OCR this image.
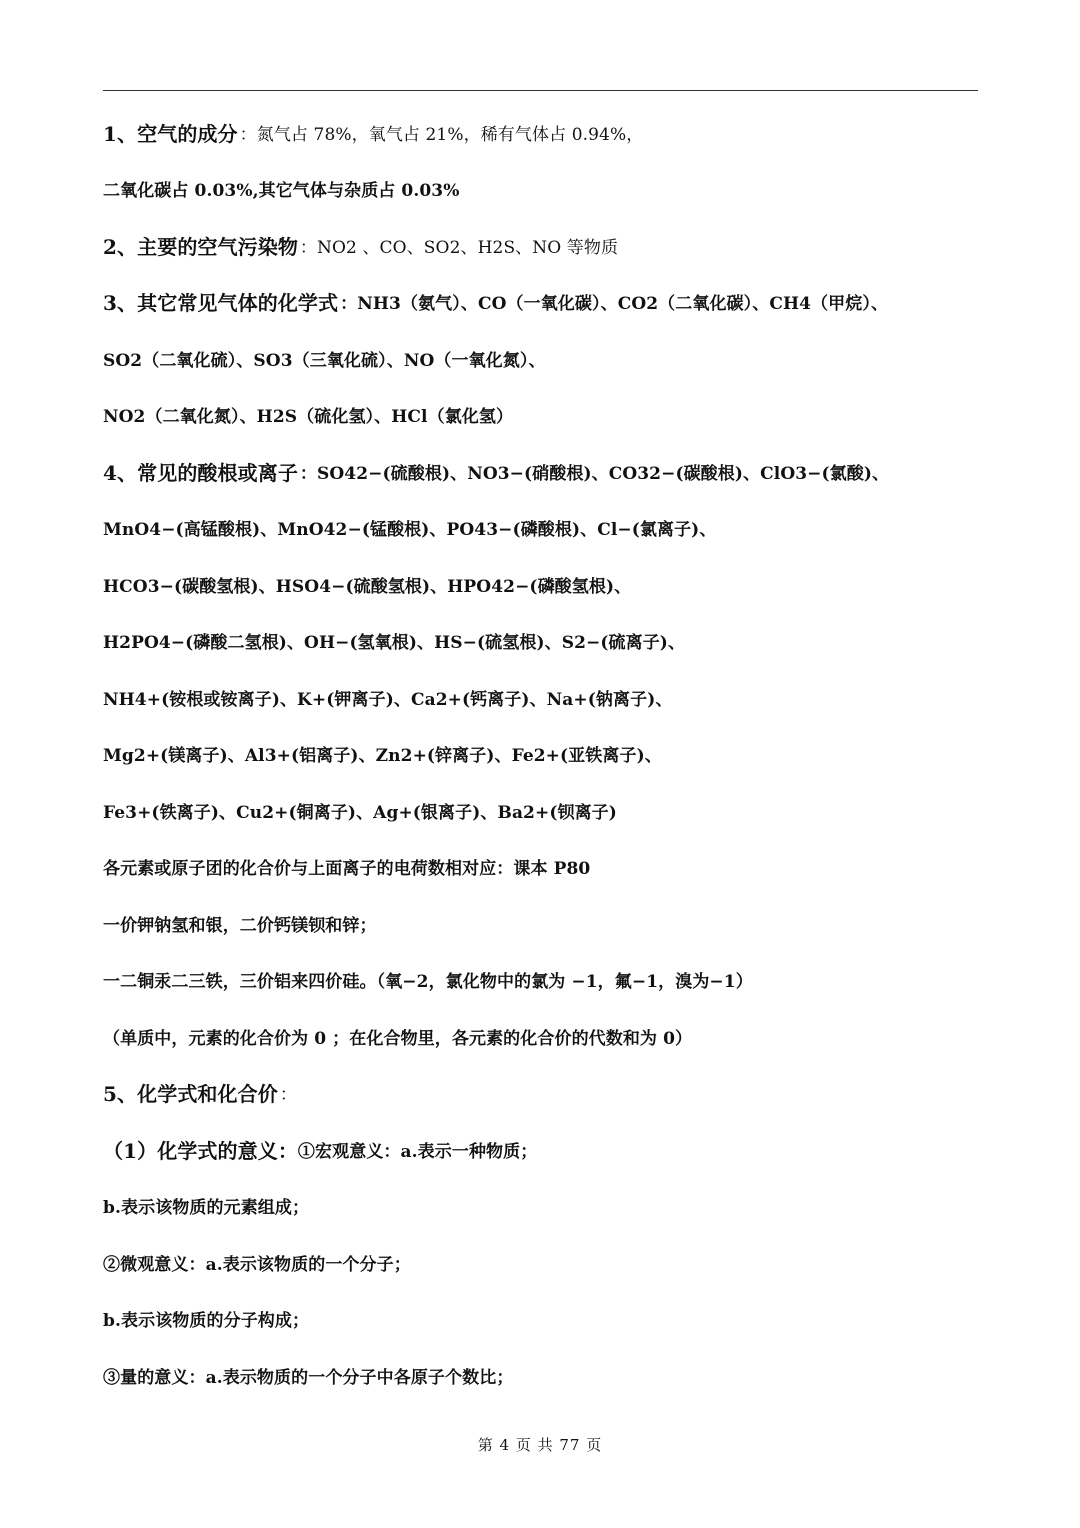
1、空气的成分 ：氮气占 78%，氧气占 21%，稀有气体占 0.94%，
二氧化碳占 0.03%,其它气体与杂质占 0.03%
2、主要的空气污染物 ：NO2 、CO、SO2、H2S、NO 等物质
3、其它常见气体的化学式 ：NH3（氨气）、CO（一氧化碳）、CO2（二氧化碳）、CH4（甲烷）、
SO2（二氧化硫）、SO3（三氧化硫）、NO（一氧化氮）、
NO2（二氧化氮）、H2S（硫化氢）、HCl（氯化氢）
4、常见的酸根或离子 ：SO42−(硫酸根)、NO3−(硝酸根)、CO32−(碳酸根)、ClO3−(氯酸)、
MnO4−(高锰酸根)、MnO42−(锰酸根)、PO43−(磷酸根)、Cl−(氯离子)、
HCO3−(碳酸氢根)、HSO4−(硫酸氢根)、HPO42−(磷酸氢根)、
H2PO4−(磷酸二氢根)、OH−(氢氧根)、HS−(硫氢根)、S2−(硫离子)、
NH4+(铵根或铵离子)、K+(钾离子)、Ca2+(钙离子)、Na+(钠离子)、
Mg2+(镁离子)、Al3+(铝离子)、Zn2+(锌离子)、Fe2+(亚铁离子)、
Fe3+(铁离子)、Cu2+(铜离子)、Ag+(银离子)、Ba2+(钡离子)
各元素或原子团的化合价与上面离子的电荷数相对应：课本 P80
一价钾钠氢和银，二价钙镁钡和锌；
一二铜汞二三铁，三价铝来四价硅。（氧−2，氯化物中的氯为 −1，氟−1，溴为−1）
（单质中，元素的化合价为 0 ；在化合物里，各元素的化合价的代数和为 0）
5、化学式和化合价 ：
（1）化学式的意义： ①宏观意义：a.表示一种物质；
b.表示该物质的元素组成；
②微观意义：a.表示该物质的一个分子；
b.表示该物质的分子构成；
③量的意义：a.表示物质的一个分子中各原子个数比；
第 4 页 共 77 页
